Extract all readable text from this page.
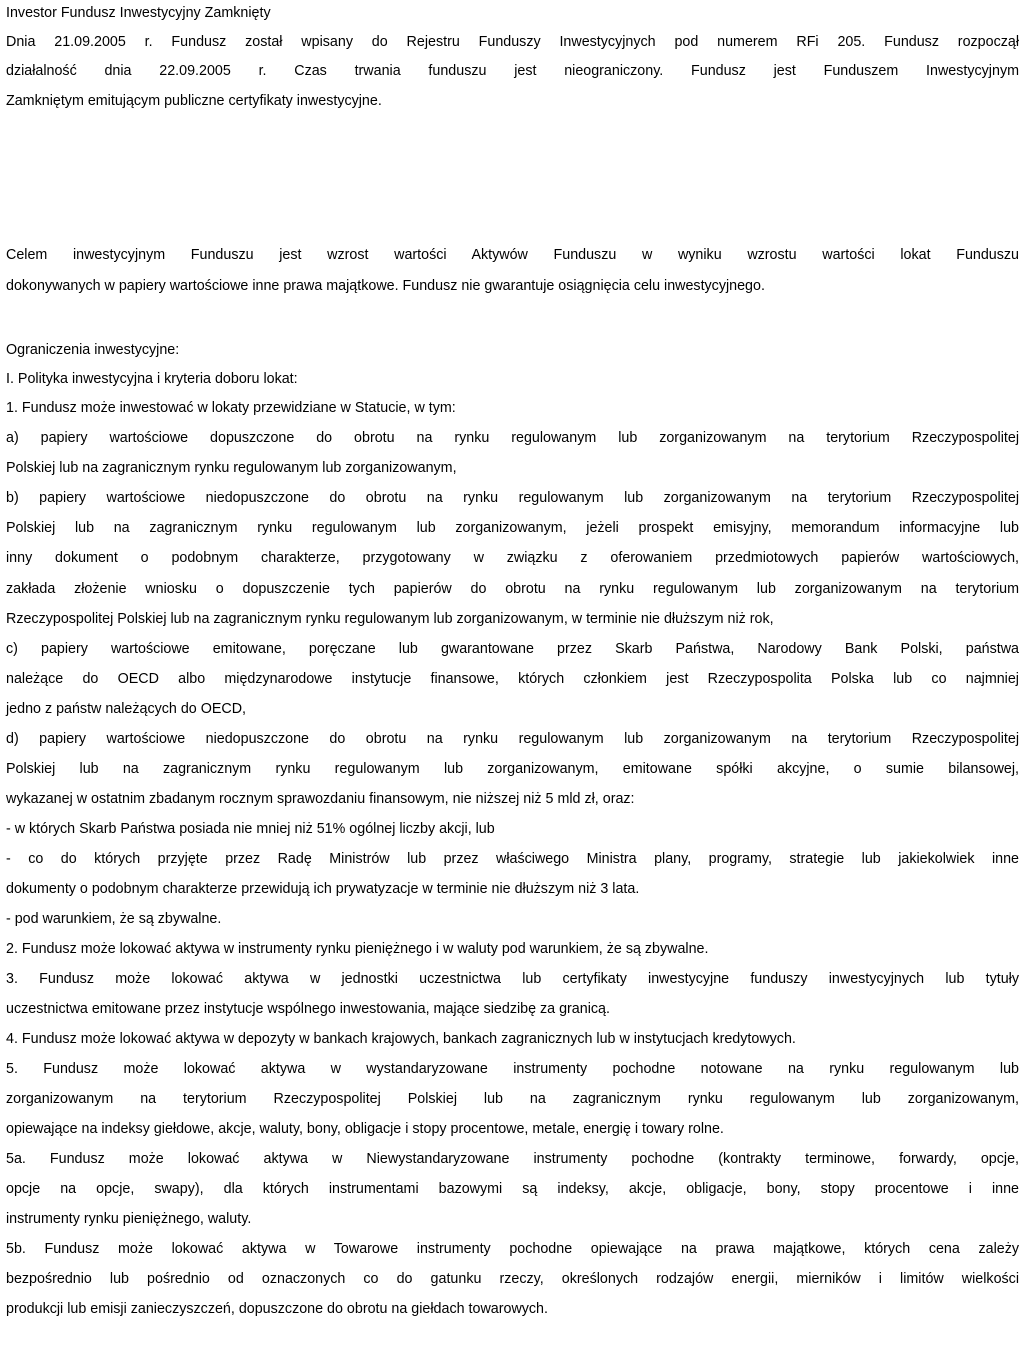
Investor Fundusz Inwestycyjny Zamknięty
Dnia 21.09.2005 r. Fundusz został wpisany do Rejestru Funduszy Inwestycyjnych pod numerem RFi 205. Fundusz rozpoczął
działalność dnia 22.09.2005 r. Czas trwania funduszu jest nieograniczony. Fundusz jest Funduszem Inwestycyjnym
Zamkniętym emitującym publiczne certyfikaty inwestycyjne.
Celem inwestycyjnym Funduszu jest wzrost wartości Aktywów Funduszu w wyniku wzrostu wartości lokat Funduszu
dokonywanych w papiery wartościowe inne prawa majątkowe. Fundusz nie gwarantuje osiągnięcia celu inwestycyjnego.
Ograniczenia inwestycyjne:
I. Polityka inwestycyjna i kryteria doboru lokat:
1. Fundusz może inwestować w lokaty przewidziane w Statucie, w tym:
a) papiery wartościowe dopuszczone do obrotu na rynku regulowanym lub zorganizowanym na terytorium Rzeczypospolitej
Polskiej lub na zagranicznym rynku regulowanym lub zorganizowanym,
b) papiery wartościowe niedopuszczone do obrotu na rynku regulowanym lub zorganizowanym na terytorium Rzeczypospolitej
Polskiej lub na zagranicznym rynku regulowanym lub zorganizowanym, jeżeli prospekt emisyjny, memorandum informacyjne lub
inny dokument o podobnym charakterze, przygotowany w związku z oferowaniem przedmiotowych papierów wartościowych,
zakłada złożenie wniosku o dopuszczenie tych papierów do obrotu na rynku regulowanym lub zorganizowanym na terytorium
Rzeczypospolitej Polskiej lub na zagranicznym rynku regulowanym lub zorganizowanym, w terminie nie dłuższym niż rok,
c) papiery wartościowe emitowane, poręczane lub gwarantowane przez Skarb Państwa, Narodowy Bank Polski, państwa
należące do OECD albo międzynarodowe instytucje finansowe, których członkiem jest Rzeczypospolita Polska lub co najmniej
jedno z państw należących do OECD,
d) papiery wartościowe niedopuszczone do obrotu na rynku regulowanym lub zorganizowanym na terytorium Rzeczypospolitej
Polskiej lub na zagranicznym rynku regulowanym lub zorganizowanym, emitowane spółki akcyjne, o sumie bilansowej,
wykazanej w ostatnim zbadanym rocznym sprawozdaniu finansowym, nie niższej niż 5 mld zł, oraz:
- w których Skarb Państwa posiada nie mniej niż 51% ogólnej liczby akcji, lub
- co do których przyjęte przez Radę Ministrów lub przez właściwego Ministra plany, programy, strategie lub jakiekolwiek inne
dokumenty o podobnym charakterze przewidują ich prywatyzacje w terminie nie dłuższym niż 3 lata.
- pod warunkiem, że są zbywalne.
2. Fundusz może lokować aktywa w instrumenty rynku pieniężnego i w waluty pod warunkiem, że są zbywalne.
3. Fundusz może lokować aktywa w jednostki uczestnictwa lub certyfikaty inwestycyjne funduszy inwestycyjnych lub tytuły
uczestnictwa emitowane przez instytucje wspólnego inwestowania, mające siedzibę za granicą.
4. Fundusz może lokować aktywa w depozyty w bankach krajowych, bankach zagranicznych lub w instytucjach kredytowych.
5. Fundusz może lokować aktywa w wystandaryzowane instrumenty pochodne notowane na rynku regulowanym lub
zorganizowanym na terytorium Rzeczypospolitej Polskiej lub na zagranicznym rynku regulowanym lub zorganizowanym,
opiewające na indeksy giełdowe, akcje, waluty, bony, obligacje i stopy procentowe, metale, energię i towary rolne.
5a. Fundusz może lokować aktywa w Niewystandaryzowane instrumenty pochodne (kontrakty terminowe, forwardy, opcje,
opcje na opcje, swapy), dla których instrumentami bazowymi są indeksy, akcje, obligacje, bony, stopy procentowe i inne
instrumenty rynku pieniężnego, waluty.
5b. Fundusz może lokować aktywa w Towarowe instrumenty pochodne opiewające na prawa majątkowe, których cena zależy
bezpośrednio lub pośrednio od oznaczonych co do gatunku rzeczy, określonych rodzajów energii, mierników i limitów wielkości
produkcji lub emisji zanieczyszczeń, dopuszczone do obrotu na giełdach towarowych.
